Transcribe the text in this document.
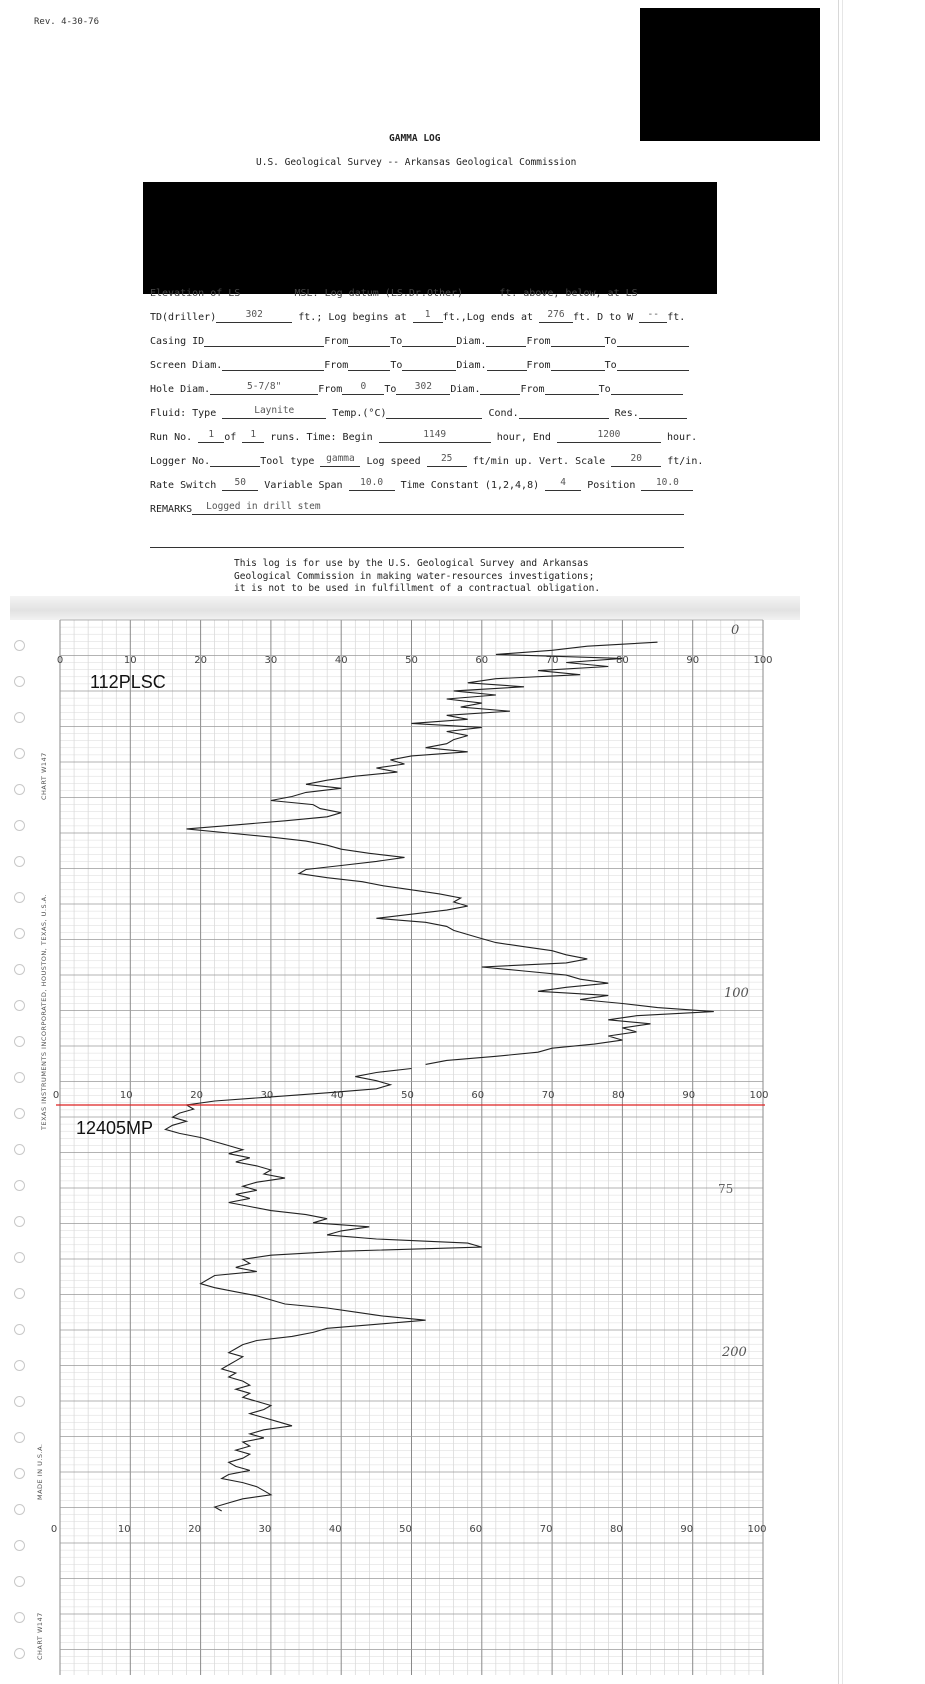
Rev. 4-30-76
GAMMA LOG
U.S. Geological Survey -- Arkansas Geological Commission
Elevation of LS _______ MSL. Log datum (LS.Dr.Other) ____ ft. above, below, at LS
TD(driller)	302	ft.; Log begins at	1	ft.,Log ends at	276 ft. D to W	-- ft.
Casing ID	From	To	Diam.	From	To
Screen Diam.	From	To	Diam.	From	To
Hole Diam.	5-7/8"	From	0	To	302	Diam.	From	To
Fluid: Type	Laynite	Temp.(°C)	Cond.	Res.
Run No.	1	of	1	runs. Time: Begin	1149	hour, End	1200	hour.
Logger No.	Tool type	gamma	Log speed	25	ft/min up. Vert. Scale	20	ft/in.
Rate Switch	50	Variable Span	10.0	Time Constant (1,2,4,8)	4	Position	10.0
REMARKS	Logged in drill stem
This log is for use by the U.S. Geological Survey and Arkansas
Geological Commission in making water-resources investigations;
it is not to be used in fulfillment of a contractual obligation.
CHART W147
TEXAS INSTRUMENTS INCORPORATED, HOUSTON, TEXAS, U.S.A.
MADE IN U.S.A.
CHART W147
0	10	20	30	40	50	60	70	80	90	100
0	10	20	30	40	50	60	70	80	90	100
0	10	20	30	40	50	60	70	80	90	100
112PLSC
12405MP
0
100
75
200
